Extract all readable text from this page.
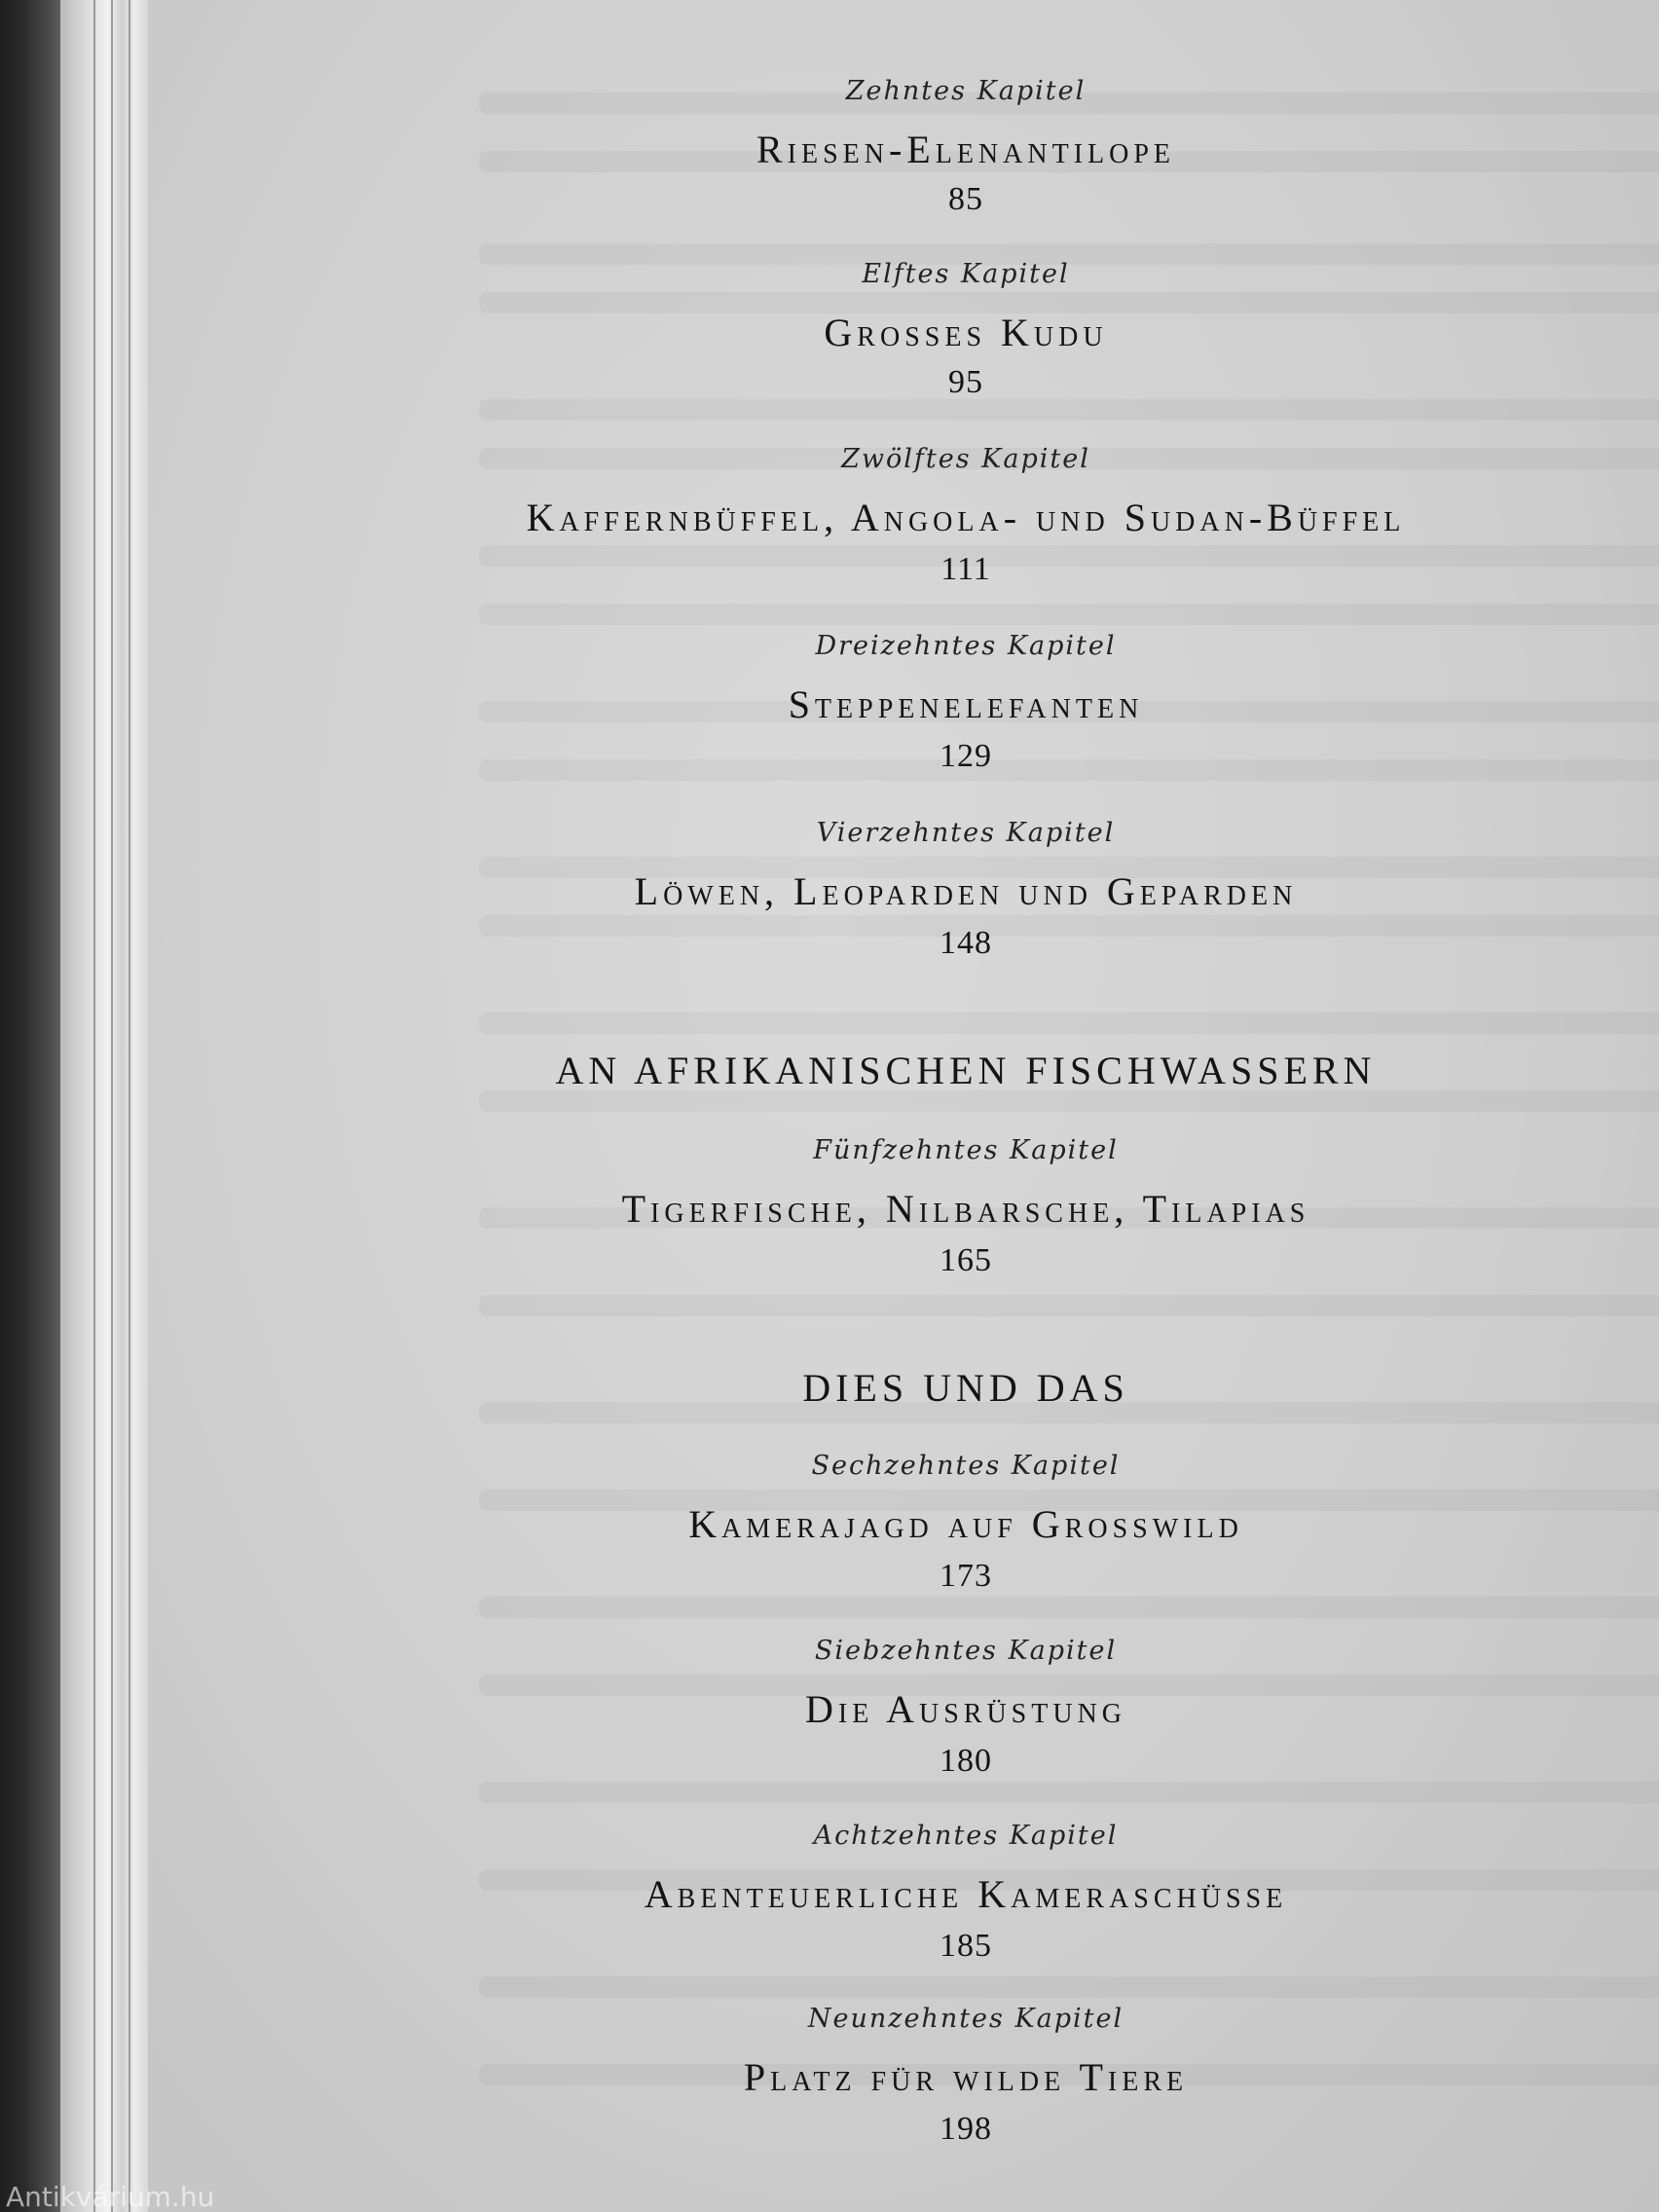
Zehntes Kapitel
Riesen-Elenantilope
85
Elftes Kapitel
Grosses Kudu
95
Zwölftes Kapitel
Kaffernbüffel, Angola- und Sudan-Büffel
111
Dreizehntes Kapitel
Steppenelefanten
129
Vierzehntes Kapitel
Löwen, Leoparden und Geparden
148
AN AFRIKANISCHEN FISCHWASSERN
Fünfzehntes Kapitel
Tigerfische, Nilbarsche, Tilapias
165
DIES UND DAS
Sechzehntes Kapitel
Kamerajagd auf Grosswild
173
Siebzehntes Kapitel
Die Ausrüstung
180
Achtzehntes Kapitel
Abenteuerliche Kameraschüsse
185
Neunzehntes Kapitel
Platz für wilde Tiere
198
Antikvárium.hu
